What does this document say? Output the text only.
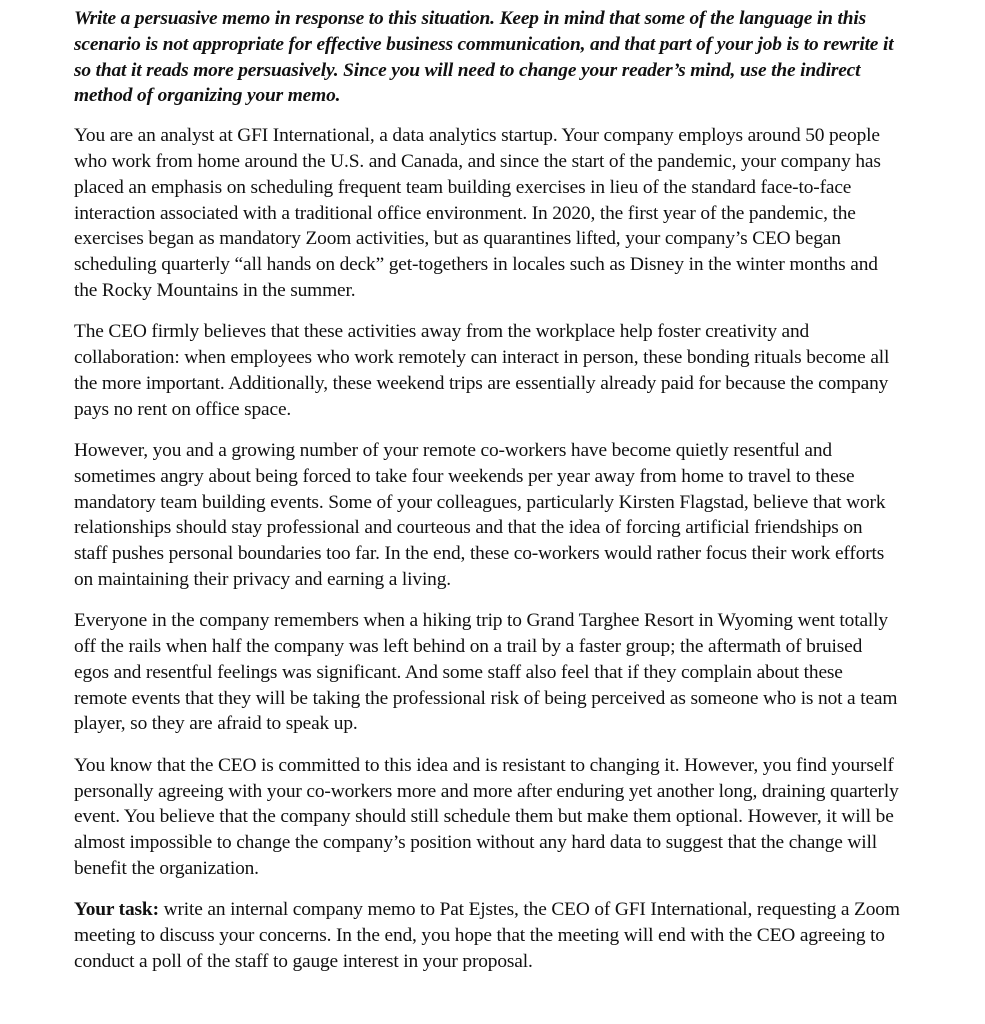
Write a persuasive memo in response to this situation. Keep in mind that some of the language in this scenario is not appropriate for effective business communication, and that part of your job is to rewrite it so that it reads more persuasively. Since you will need to change your reader’s mind, use the indirect method of organizing your memo.

You are an analyst at GFI International, a data analytics startup. Your company employs around 50 people who work from home around the U.S. and Canada, and since the start of the pandemic, your company has placed an emphasis on scheduling frequent team building exercises in lieu of the standard face-to-face interaction associated with a traditional office environment. In 2020, the first year of the pandemic, the exercises began as mandatory Zoom activities, but as quarantines lifted, your company’s CEO began scheduling quarterly “all hands on deck” get-togethers in locales such as Disney in the winter months and the Rocky Mountains in the summer.

The CEO firmly believes that these activities away from the workplace help foster creativity and collaboration: when employees who work remotely can interact in person, these bonding rituals become all the more important. Additionally, these weekend trips are essentially already paid for because the company pays no rent on office space.

However, you and a growing number of your remote co-workers have become quietly resentful and sometimes angry about being forced to take four weekends per year away from home to travel to these mandatory team building events. Some of your colleagues, particularly Kirsten Flagstad, believe that work relationships should stay professional and courteous and that the idea of forcing artificial friendships on staff pushes personal boundaries too far. In the end, these co-workers would rather focus their work efforts on maintaining their privacy and earning a living.

Everyone in the company remembers when a hiking trip to Grand Targhee Resort in Wyoming went totally off the rails when half the company was left behind on a trail by a faster group; the aftermath of bruised egos and resentful feelings was significant. And some staff also feel that if they complain about these remote events that they will be taking the professional risk of being perceived as someone who is not a team player, so they are afraid to speak up.

You know that the CEO is committed to this idea and is resistant to changing it. However, you find yourself personally agreeing with your co-workers more and more after enduring yet another long, draining quarterly event. You believe that the company should still schedule them but make them optional. However, it will be almost impossible to change the company’s position without any hard data to suggest that the change will benefit the organization.

Your task: write an internal company memo to Pat Ejstes, the CEO of GFI International, requesting a Zoom meeting to discuss your concerns. In the end, you hope that the meeting will end with the CEO agreeing to conduct a poll of the staff to gauge interest in your proposal.
